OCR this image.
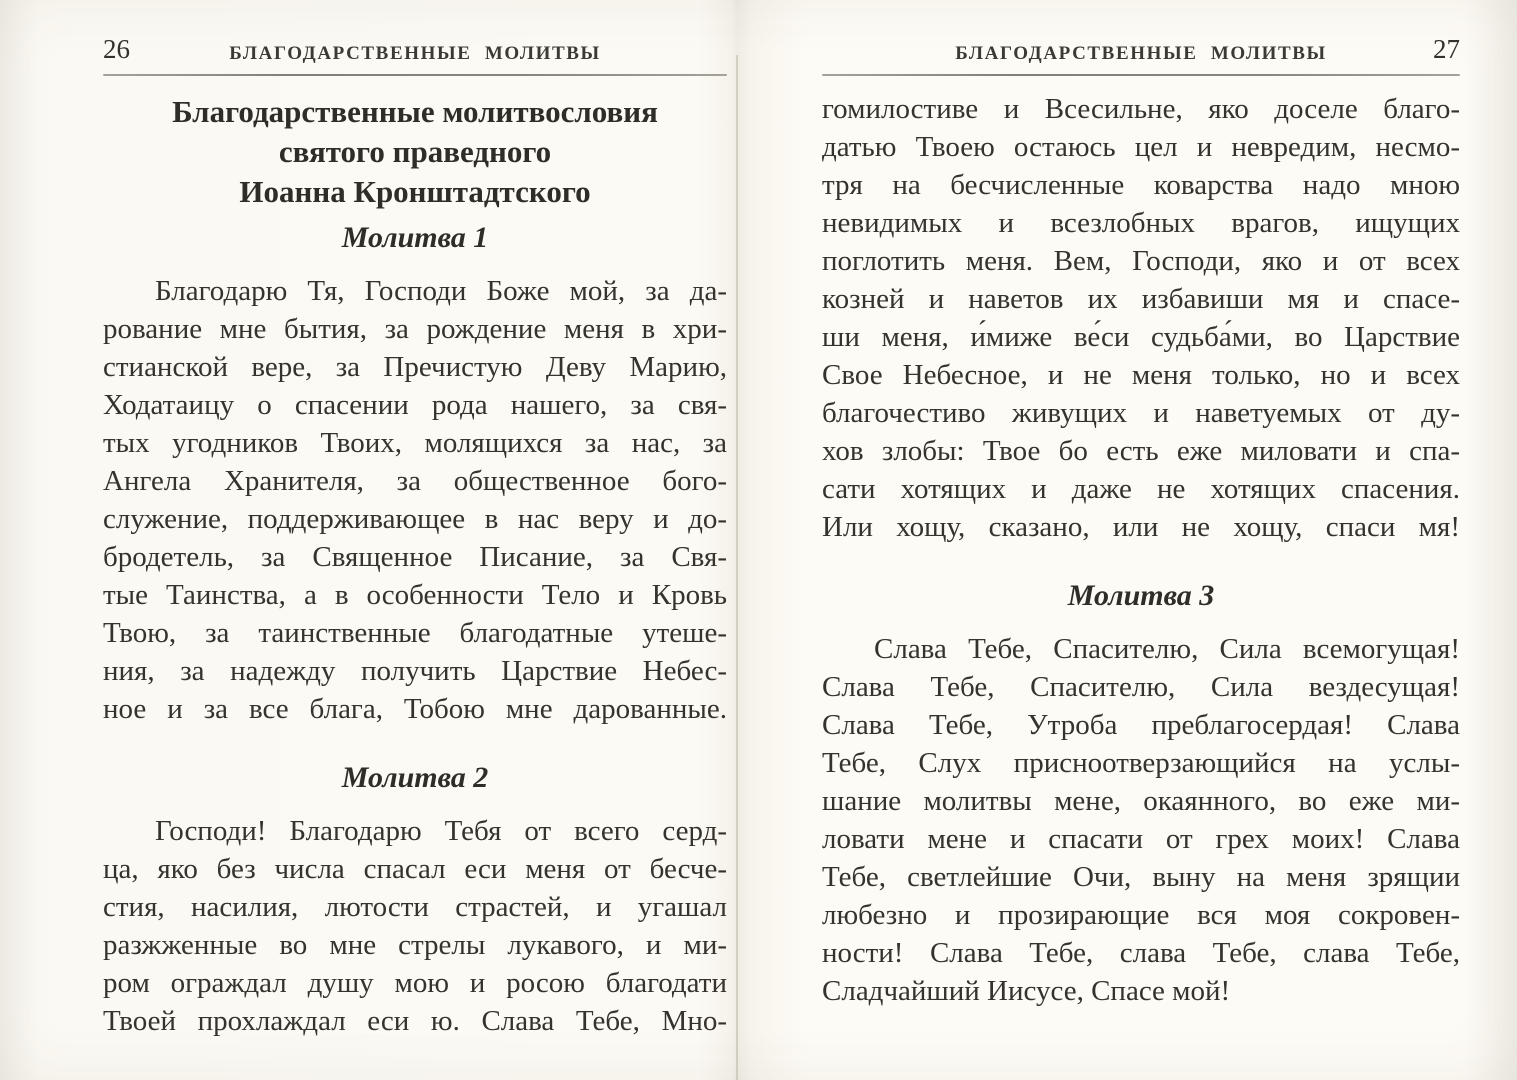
26	БЛАГОДАРСТВЕННЫЕ МОЛИТВЫ
Благодарственные молитвословия
святого праведного
Иоанна Кронштадтского
Молитва 1
Благодарю Тя, Господи Боже мой, за да-
рование мне бытия, за рождение меня в хри-
стианской вере, за Пречистую Деву Марию,
Ходатаицу о спасении рода нашего, за свя-
тых угодников Твоих, молящихся за нас, за
Ангела Хранителя, за общественное бого-
служение, поддерживающее в нас веру и до-
бродетель, за Священное Писание, за Свя-
тые Таинства, а в особенности Тело и Кровь
Твою, за таинственные благодатные утеше-
ния, за надежду получить Царствие Небес-
ное и за все блага, Тобою мне дарованные.
Молитва 2
Господи! Благодарю Тебя от всего серд-
ца, яко без числа спасал еси меня от бесче-
стия, насилия, лютости страстей, и угашал
разжженные во мне стрелы лукавого, и ми-
ром ограждал душу мою и росою благодати
Твоей прохлаждал еси ю. Слава Тебе, Мно-
27
БЛАГОДАРСТВЕННЫЕ МОЛИТВЫ
гомилостиве и Всесильне, яко доселе благо-
датью Твоею остаюсь цел и невредим, несмо-
тря на бесчисленные коварства надо мною
невидимых и всезлобных врагов, ищущих
поглотить меня. Вем, Господи, яко и от всех
козней и наветов их избавиши мя и спасе-
ши меня, и́миже ве́си судьба́ми, во Царствие
Свое Небесное, и не меня только, но и всех
благочестиво живущих и наветуемых от ду-
хов злобы: Твое бо есть еже миловати и спа-
сати хотящих и даже не хотящих спасения.
Или хощу, сказано, или не хощу, спаси мя!
Молитва 3
Слава Тебе, Спасителю, Сила всемогущая!
Слава Тебе, Спасителю, Сила вездесущая!
Слава Тебе, Утроба преблагосердая! Слава
Тебе, Слух присноотверзающийся на услы-
шание молитвы мене, окаянного, во еже ми-
ловати мене и спасати от грех моих! Слава
Тебе, светлейшие Очи, выну на меня зрящии
любезно и прозирающие вся моя сокровен-
ности! Слава Тебе, слава Тебе, слава Тебе,
Сладчайший Иисусе, Спасе мой!
